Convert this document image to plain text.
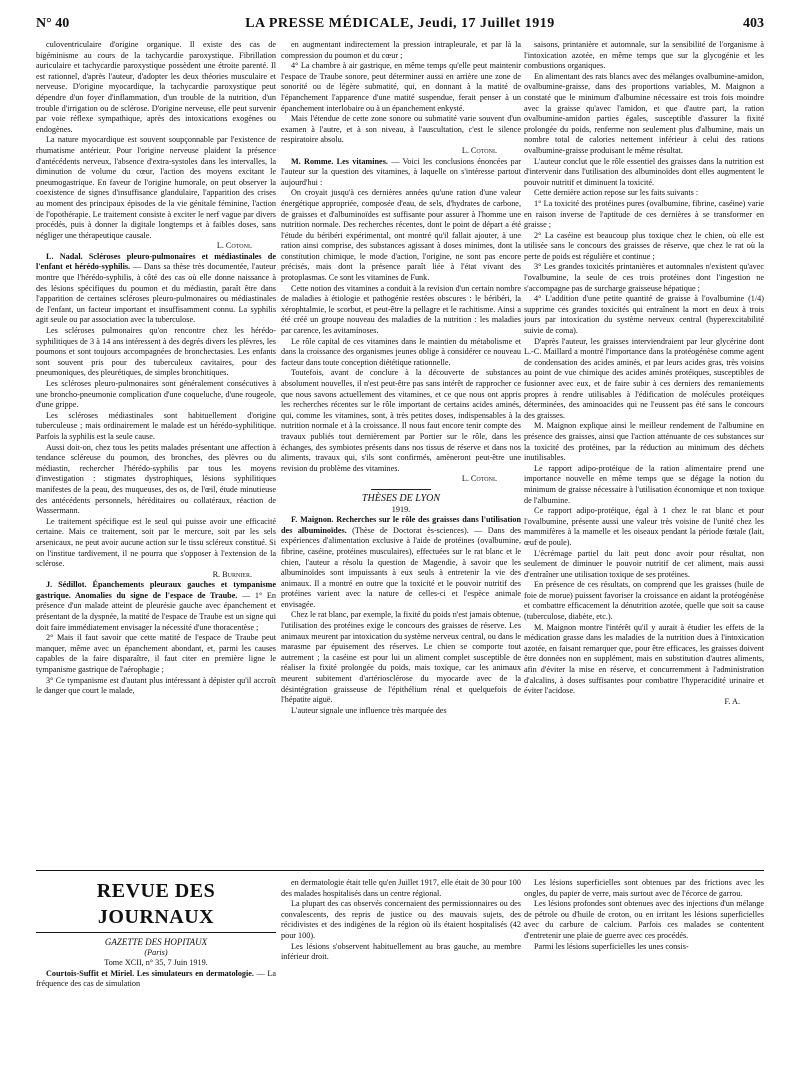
N° 40	LA PRESSE MÉDICALE, Jeudi, 17 Juillet 1919	403

culoventriculaire d'origine organique. Il existe des cas de bigéminisme au cours de la tachycardie paroxystique. Fibrillation auriculaire et tachycardie paroxystique possèdent une étroite parenté. Il est rationnel, d'après l'auteur, d'adopter les deux théories musculaire et nerveuse. D'origine myocardique, la tachycardie paroxystique peut dépendre d'un foyer d'inflammation, d'un trouble de la nutrition, d'un trouble d'irrigation ou de sclérose. D'origine nerveuse, elle peut survenir par voie réflexe sympathique, après des intoxications exogènes ou endogènes.

La nature myocardique est souvent soupçonnable par l'existence de rhumatisme antérieur. Pour l'origine nerveuse plaident la présence d'antécédents nerveux, l'absence d'extra-systoles dans les intervalles, la diminution de volume du cœur, l'action des moyens excitant le pneumogastrique. En faveur de l'origine humorale, on peut observer la coexistence de signes d'insuffisance glandulaire, l'apparition des crises au moment des principaux épisodes de la vie génitale féminine, l'action de l'opothérapie. Le traitement consiste à exciter le nerf vague par divers procédés, puis à donner la digitale longtemps et à faibles doses, sans négliger une thérapeutique causale.

L. Cotoni.

L. Nadal. Scléroses pleuro-pulmonaires et médiastinales de l'enfant et hérédo-syphilis. — Dans sa thèse très documentée, l'auteur montre que l'hérédo-syphilis, à côté des cas où elle donne naissance à des lésions spécifiques du poumon et du médiastin, paraît être dans l'apparition de certaines scléroses pleuro-pulmonaires ou médiastinales de l'enfant, un facteur important et insuffisamment connu. La syphilis agit seule ou par association avec la tuberculose.

Les scléroses pulmonaires qu'on rencontre chez les hérédo-syphilitiques de 3 à 14 ans intéressent à des degrés divers les plèvres, les poumons et sont toujours accompagnées de bronchectasies. Les enfants sont souvent pris pour des tuberculeux cavitaires, pour des pneumoniques, des pleurétiques, de simples bronchitiques.

Les scléroses pleuro-pulmonaires sont généralement consécutives à une broncho-pneumonie complication d'une coqueluche, d'une rougeole, d'une grippe.

Les scléroses médiastinales sont habituellement d'origine tuberculeuse ; mais ordinairement le malade est un hérédo-syphilitique. Parfois la syphilis est la seule cause.

Aussi doit-on, chez tous les petits malades présentant une affection à tendance scléreuse du poumon, des bronches, des plèvres ou du médiastin, rechercher l'hérédo-syphilis par tous les moyens d'investigation : stigmates dystrophiques, lésions syphilitiques manifestes de la peau, des muqueuses, des os, de l'œil, étude minutieuse des antécédents personnels, héréditaires ou collatéraux, réaction de Wassermann.

Le traitement spécifique est le seul qui puisse avoir une efficacité certaine. Mais ce traitement, soit par le mercure, soit par les sels arsenicaux, ne peut avoir aucune action sur le tissu scléreux constitué. Si on l'institue tardivement, il ne pourra que s'opposer à l'extension de la sclérose.

R. Burnier.

J. Sédillot. Épanchements pleuraux gauches et tympanisme gastrique. Anomalies du signe de l'espace de Traube. — 1° En présence d'un malade atteint de pleurésie gauche avec épanchement et présentant de la dyspnée, la matité de l'espace de Traube est un signe qui doit faire immédiatement envisager la nécessité d'une thoracentèse ;

2° Mais il faut savoir que cette matité de l'espace de Traube peut manquer, même avec un épanchement abondant, et, parmi les causes capables de la faire disparaître, il faut citer en première ligne le tympanisme gastrique de l'aérophagie ;

3° Ce tympanisme est d'autant plus intéressant à dépister qu'il accroît le danger que court le malade,

en augmentant indirectement la pression intrapleurale, et par là la compression du poumon et du cœur ;

4° La chambre à air gastrique, en même temps qu'elle peut maintenir l'espace de Traube sonore, peut déterminer aussi en arrière une zone de sonorité ou de légère submatité, qui, en donnant à la matité de l'épanchement l'apparence d'une matité suspendue, ferait penser à un épanchement interlobaire ou à un épanchement enkysté.

Mais l'étendue de cette zone sonore ou submatité varie souvent d'un examen à l'autre, et à son niveau, à l'auscultation, c'est le silence respiratoire absolu.

L. Cotoni.

M. Romme. Les vitamines. — Voici les conclusions énoncées par l'auteur sur la question des vitamines, à laquelle on s'intéresse partout aujourd'hui :

On croyait jusqu'à ces dernières années qu'une ration d'une valeur énergétique appropriée, composée d'eau, de sels, d'hydrates de carbone, de graisses et d'albuminoïdes est suffisante pour assurer à l'homme une nutrition normale. Des recherches récentes, dont le point de départ a été l'étude du béribéri expérimental, ont montré qu'il fallait ajouter, à une ration ainsi comprise, des substances agissant à doses minimes, dont la constitution chimique, le mode d'action, l'origine, ne sont pas encore précisés, mais dont la présence paraît liée à l'état vivant des protoplasmas. Ce sont les vitamines de Funk.

Cette notion des vitamines a conduit à la revision d'un certain nombre de maladies à étiologie et pathogénie restées obscures : le béribéri, la xérophtalmie, le scorbut, et peut-être la pellagre et le rachitisme. Ainsi a été créé un groupe nouveau des maladies de la nutrition : les maladies par carence, les avitaminoses.

Le rôle capital de ces vitamines dans le maintien du métabolisme et dans la croissance des organismes jeunes oblige à considérer ce nouveau facteur dans toute conception diététique rationnelle.

Toutefois, avant de conclure à la découverte de substances absolument nouvelles, il n'est peut-être pas sans intérêt de rapprocher ce que nous savons actuellement des vitamines, et ce que nous ont appris les recherches récentes sur le rôle important de certains acides aminés, qui, comme les vitamines, sont, à très petites doses, indispensables à la nutrition normale et à la croissance. Il nous faut encore tenir compte des travaux publiés tout dernièrement par Portier sur le rôle, dans les échanges, des symbiotes présents dans nos tissus de réserve et dans nos aliments, travaux qui, s'ils sont confirmés, amèneront peut-être une revision du problème des vitamines.

L. Cotoni.

THÈSES DE LYON

1919.

F. Maignon. Recherches sur le rôle des graisses dans l'utilisation des albuminoïdes. (Thèse de Doctorat ès-sciences). — Dans des expériences d'alimentation exclusive à l'aide de protéines (ovalbumine, fibrine, caséine, protéines musculaires), effectuées sur le rat blanc et le chien, l'auteur a résolu la question de Magendie, à savoir que les albuminoïdes sont impuissants à eux seuls à entretenir la vie des animaux. Il a montré en outre que la toxicité et le pouvoir nutritif des protéines varient avec la nature de celles-ci et l'espèce animale envisagée.

Chez le rat blanc, par exemple, la fixité du poids n'est jamais obtenue, l'utilisation des protéines exige le concours des graisses de réserve. Les animaux meurent par intoxication du système nerveux central, ou dans le marasme par épuisement des réserves. Le chien se comporte tout autrement ; la caséine est pour lui un aliment complet susceptible de réaliser la fixité prolongée du poids, mais toxique, car les animaux meurent subitement d'artériosclérose du myocarde avec de la désintégration graisseuse de l'épithélium rénal et quelquefois de l'hépatite aiguë.

L'auteur signale une influence très marquée des

saisons, printanière et automnale, sur la sensibilité de l'organisme à l'intoxication azotée, en même temps que sur la glycogénie et les combustions organiques.

En alimentant des rats blancs avec des mélanges ovalbumine-amidon, ovalbumine-graisse, dans des proportions variables, M. Maignon a constaté que le minimum d'albumine nécessaire est trois fois moindre avec la graisse qu'avec l'amidon, et que d'autre part, la ration ovalbumine-amidon parties égales, susceptible d'assurer la fixité prolongée du poids, renferme non seulement plus d'albumine, mais un nombre total de calories nettement inférieur à celui des rations ovalbumine-graisse produisant le même résultat.

L'auteur conclut que le rôle essentiel des graisses dans la nutrition est d'intervenir dans l'utilisation des albuminoïdes dont elles augmentent le pouvoir nutritif et diminuent la toxicité.

Cette dernière action repose sur les faits suivants :

1° La toxicité des protéines pures (ovalbumine, fibrine, caséine) varie en raison inverse de l'aptitude de ces dernières à se transformer en graisse ;

2° La caséine est beaucoup plus toxique chez le chien, où elle est utilisée sans le concours des graisses de réserve, que chez le rat où la perte de poids est régulière et continue ;

3° Les grandes toxicités printanières et automnales n'existent qu'avec l'ovalbumine, la seule de ces trois protéines dont l'ingestion ne s'accompagne pas de surcharge graisseuse hépatique ;

4° L'addition d'une petite quantité de graisse à l'ovalbumine (1/4) supprime ces grandes toxicités qui entraînent la mort en deux à trois jours par intoxication du système nerveux central (hyperexcitabilité suivie de coma).

D'après l'auteur, les graisses interviendraient par leur glycérine dont L.-C. Maillard a montré l'importance dans la protéogénèse comme agent de condensation des acides aminés, et par leurs acides gras, très voisins au point de vue chimique des acides aminés protéiques, susceptibles de fusionner avec eux, et de faire subir à ces derniers des remaniements propres à rendre utilisables à l'édification de molécules protéiques déterminées, des aminoacides qui ne l'eussent pas été sans le concours des graisses.

M. Maignon explique ainsi le meilleur rendement de l'albumine en présence des graisses, ainsi que l'action atténuante de ces substances sur la toxicité des protéines, par la réduction au minimum des déchets inutilisables.

Le rapport adipo-protéique de la ration alimentaire prend une importance nouvelle en même temps que se dégage la notion du minimum de graisse nécessaire à l'utilisation économique et non toxique de l'albumine.

Ce rapport adipo-protéique, égal à 1 chez le rat blanc et pour l'ovalbumine, présente aussi une valeur très voisine de l'unité chez les mammifères à la mamelle et les oiseaux pendant la période fœtale (lait, œuf de poule).

L'écrémage partiel du lait peut donc avoir pour résultat, non seulement de diminuer le pouvoir nutritif de cet aliment, mais aussi d'entraîner une utilisation toxique de ses protéines.

En présence de ces résultats, on comprend que les graisses (huile de foie de morue) puissent favoriser la croissance en aidant la protéogénèse et combattre efficacement la dénutrition azotée, quelle que soit sa cause (tuberculose, diabète, etc.).

M. Maignon montre l'intérêt qu'il y aurait à étudier les effets de la médication grasse dans les maladies de la nutrition dues à l'intoxication azotée, en faisant remarquer que, pour être efficaces, les graisses doivent être données non en supplément, mais en substitution d'autres aliments, afin d'éviter la mise en réserve, et concurremment à l'administration d'alcalins, à doses suffisantes pour combattre l'hyperacidité urinaire et éviter l'acidose.

F. A.

REVUE DES JOURNAUX

GAZETTE DES HOPITAUX

(Paris)

Tome XCII, n° 35, 7 Juin 1919.

Courtois-Suffit et Miriel. Les simulateurs en dermatologie. — La fréquence des cas de simulation

en dermatologie était telle qu'en Juillet 1917, elle était de 30 pour 100 des malades hospitalisés dans un centre régional.

La plupart des cas observés concernaient des permissionnaires ou des convalescents, des repris de justice ou des mauvais sujets, des récidivistes et des indigènes de la région où ils étaient hospitalisés (42 pour 100).

Les lésions s'observent habituellement au bras gauche, au membre inférieur droit.

Les lésions superficielles sont obtenues par des frictions avec les ongles, du papier de verre, mais surtout avec de l'écorce de garrou.

Les lésions profondes sont obtenues avec des injections d'un mélange de pétrole ou d'huile de croton, ou en irritant les lésions superficielles avec du carbure de calcium. Parfois ces malades se contentent d'entretenir une plaie de guerre avec ces procédés.

Parmi les lésions superficielles les unes consis-
